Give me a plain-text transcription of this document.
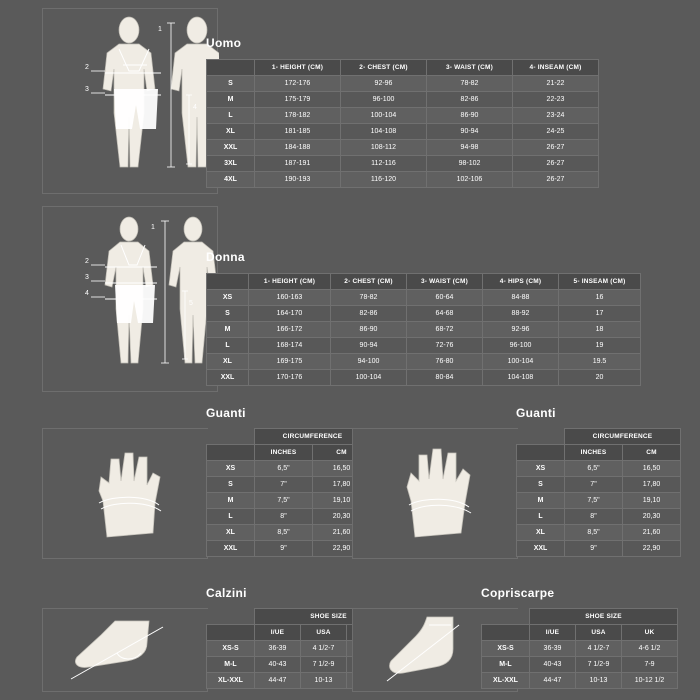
1
2
3
4
Uomo
	1- HEIGHT (CM)	2- CHEST (CM)	3- WAIST (CM)	4- INSEAM (CM)
S	172-176	92-96	78-82	21-22
M	175-179	96-100	82-86	22-23
L	178-182	100-104	86-90	23-24
XL	181-185	104-108	90-94	24-25
XXL	184-188	108-112	94-98	26-27
3XL	187-191	112-116	98-102	26-27
4XL	190-193	116-120	102-106	26-27
1
2
3
4
5
Donna
	1- HEIGHT (CM)	2- CHEST (CM)	3- WAIST (CM)	4- HIPS (CM)	5- INSEAM (CM)
XS	160-163	78-82	60-64	84-88	16
S	164-170	82-86	64-68	88-92	17
M	166-172	86-90	68-72	92-96	18
L	168-174	90-94	72-76	96-100	19
XL	169-175	94-100	76-80	100-104	19.5
XXL	170-176	100-104	80-84	104-108	20
Guanti
	CIRCUMFERENCE	
	INCHES	CM
XS	6,5"	16,50
S	7"	17,80
M	7,5"	19,10
L	8"	20,30
XL	8,5"	21,60
XXL	9"	22,90
Guanti
	CIRCUMFERENCE	
	INCHES	CM
XS	6,5"	16,50
S	7"	17,80
M	7,5"	19,10
L	8"	20,30
XL	8,5"	21,60
XXL	9"	22,90
Calzini
	SHOE SIZE		
	I/UE	USA	
XS-S	36-39	4 1/2-7	
M-L	40-43	7 1/2-9	
XL-XXL	44-47	10-13	
Copriscarpe
	SHOE SIZE		
	I/UE	USA	UK
XS-S	36-39	4 1/2-7	4-6 1/2
M-L	40-43	7 1/2-9	7-9
XL-XXL	44-47	10-13	10-12 1/2
